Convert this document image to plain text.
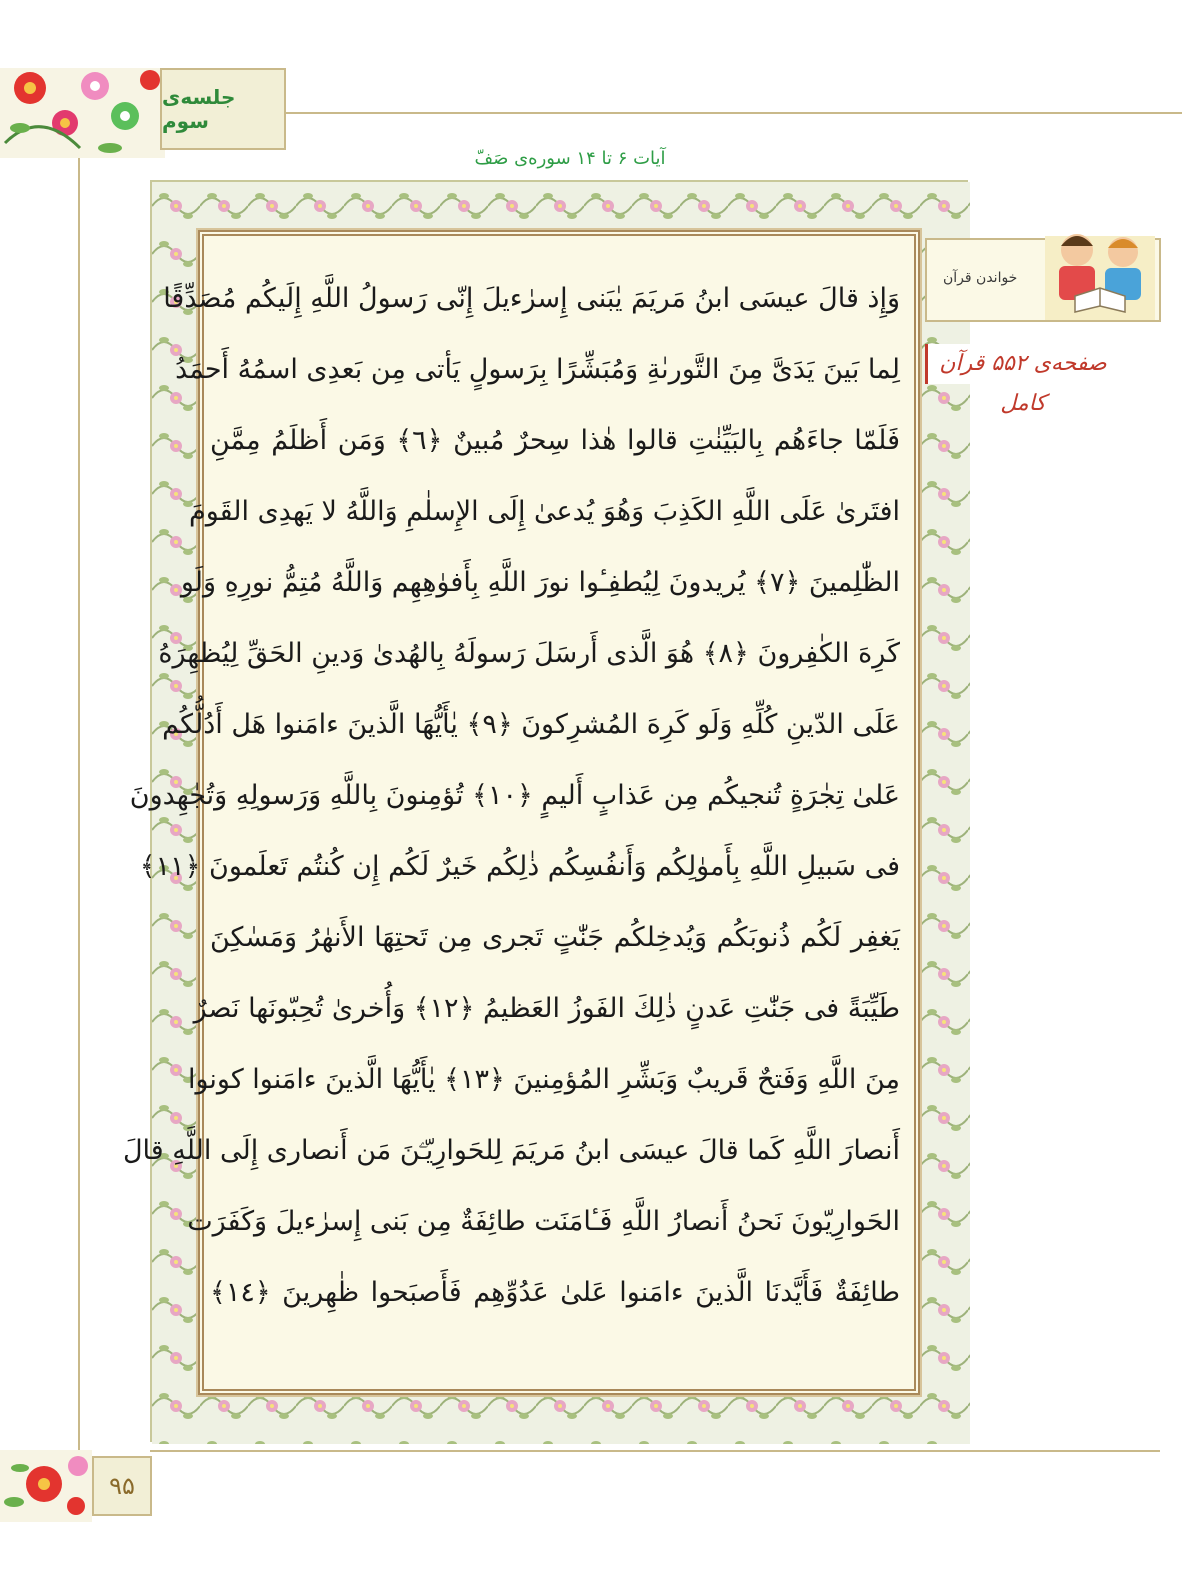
جلسه‌ی سوم
آیات ۶ تا ۱۴ سوره‌ی صَفّ
وَإِذ قالَ عيسَى ابنُ مَريَمَ يٰبَنى إِسرٰءيلَ إِنّى رَسولُ اللَّهِ إِلَيكُم مُصَدِّقًا
لِما بَينَ يَدَىَّ مِنَ التَّورىٰةِ وَمُبَشِّرًا بِرَسولٍ يَأتى مِن بَعدِى اسمُهُ أَحمَدُ
فَلَمّا جاءَهُم بِالبَيِّنٰتِ قالوا هٰذا سِحرٌ مُبينٌ ﴿٦﴾ وَمَن أَظلَمُ مِمَّنِ
افتَرىٰ عَلَى اللَّهِ الكَذِبَ وَهُوَ يُدعىٰ إِلَى الإِسلٰمِ وَاللَّهُ لا يَهدِى القَومَ
الظّٰلِمينَ ﴿٧﴾ يُريدونَ لِيُطفِـٔوا نورَ اللَّهِ بِأَفوٰهِهِم وَاللَّهُ مُتِمُّ نورِهِ وَلَو
كَرِهَ الكٰفِرونَ ﴿٨﴾ هُوَ الَّذى أَرسَلَ رَسولَهُ بِالهُدىٰ وَدينِ الحَقِّ لِيُظهِرَهُ
عَلَى الدّينِ كُلِّهِ وَلَو كَرِهَ المُشرِكونَ ﴿٩﴾ يٰأَيُّهَا الَّذينَ ءامَنوا هَل أَدُلُّكُم
عَلىٰ تِجٰرَةٍ تُنجيكُم مِن عَذابٍ أَليمٍ ﴿١٠﴾ تُؤمِنونَ بِاللَّهِ وَرَسولِهِ وَتُجٰهِدونَ
فى سَبيلِ اللَّهِ بِأَموٰلِكُم وَأَنفُسِكُم ذٰلِكُم خَيرٌ لَكُم إِن كُنتُم تَعلَمونَ ﴿١١﴾
يَغفِر لَكُم ذُنوبَكُم وَيُدخِلكُم جَنّٰتٍ تَجرى مِن تَحتِهَا الأَنهٰرُ وَمَسٰكِنَ
طَيِّبَةً فى جَنّٰتِ عَدنٍ ذٰلِكَ الفَوزُ العَظيمُ ﴿١٢﴾ وَأُخرىٰ تُحِبّونَها نَصرٌ
مِنَ اللَّهِ وَفَتحٌ قَريبٌ وَبَشِّرِ المُؤمِنينَ ﴿١٣﴾ يٰأَيُّهَا الَّذينَ ءامَنوا كونوا
أَنصارَ اللَّهِ كَما قالَ عيسَى ابنُ مَريَمَ لِلحَوارِيّـۧنَ مَن أَنصارى إِلَى اللَّهِ قالَ
الحَوارِيّونَ نَحنُ أَنصارُ اللَّهِ فَـٔامَنَت طائِفَةٌ مِن بَنى إِسرٰءيلَ وَكَفَرَت
طائِفَةٌ فَأَيَّدنَا الَّذينَ ءامَنوا عَلىٰ عَدُوِّهِم فَأَصبَحوا ظٰهِرينَ ﴿١٤﴾
خواندن قرآن
صفحه‌ی ۵۵۲ قرآن کامل
۹۵
